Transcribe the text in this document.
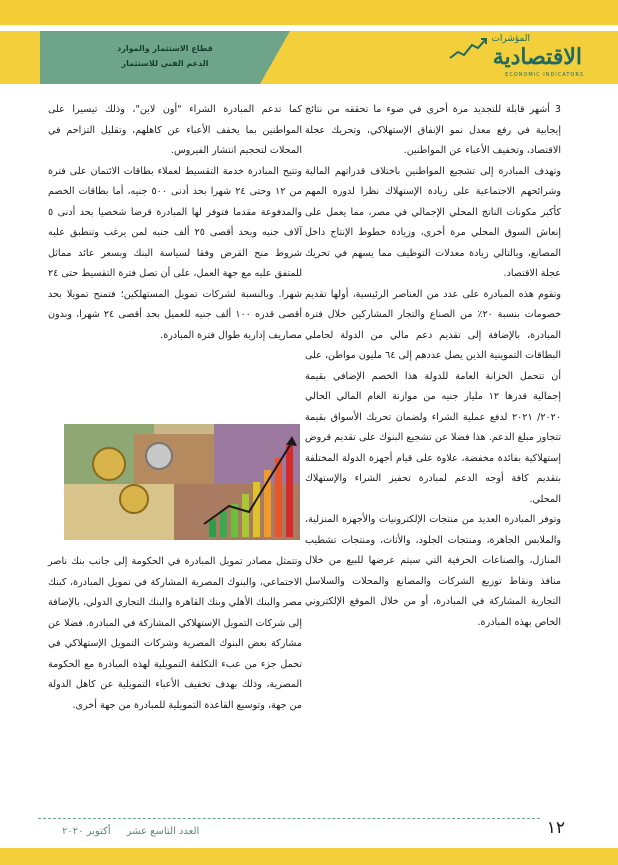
قطاع الاستثمار والموارد
الدعم الفني للاستثمار
المؤشرات
الاقتصادية
ECONOMIC INDICATORS

3 أشهر قابلة للتجديد مرة أخرى في ضوء ما تحققه من نتائج إيجابية في رفع معدل نمو الإنفاق الإستهلاكي، وتحريك عجلة الاقتصاد، وتخفيف الأعباء عن المواطنين.

وتهدف المبادرة إلى تشجيع المواطنين باختلاف قدراتهم المالية وشرائحهم الاجتماعية على زيادة الإستهلاك نظرا لدوره المهم كأكبر مكونات الناتج المحلي الإجمالي في مصر، مما يعمل على إنعاش السوق المحلي مرة أخرى، وزيادة خطوط الإنتاج داخل المصانع، وبالتالي زيادة معدلات التوظيف مما يسهم في تحريك عجلة الاقتصاد.

وتقوم هذه المبادرة على عدد من العناصر الرئيسية، أولها تقديم خصومات بنسبة ٢٠٪ من الصناع والتجار المشاركين خلال فترة المبادرة، بالإضافة إلى تقديم دعم مالي من الدولة لحاملي البطاقات التموينية الذين يصل عددهم إلى ٦٤ مليون مواطن، على أن تتحمل الخزانة العامة للدولة هذا الخصم الإضافي بقيمة إجمالية قدرها ١٢ مليار جنيه من موازنة العام المالي الحالي ٢٠٢٠/ ٢٠٢١ لدفع عملية الشراء ولضمان تحريك الأسواق بقيمة تتجاوز مبلغ الدعم. هذا فضلا عن تشجيع البنوك على تقديم قروض إستهلاكية بفائدة مخفضة، علاوة على قيام أجهزة الدولة المختلفة بتقديم كافة أوجه الدعم لمبادرة تحفيز الشراء والإستهلاك المحلي.

وتوفر المبادرة العديد من منتجات الإلكترونيات والأجهزة المنزلية، والملابس الجاهزة، ومنتجات الجلود، والأثاث، ومنتجات تشطيب المنازل، والصناعات الحرفية التي سيتم عرضها للبيع من خلال منافذ ونقاط توزيع الشركات والمصانع والمحلات والسلاسل التجارية المشاركة في المبادرة، أو من خلال الموقع الإلكتروني الخاص بهذه المبادرة.

كما تدعم المبادرة الشراء "أون لاين"، وذلك تيسيرا على المواطنين بما يخفف الأعباء عن كاهلهم، وتقليل التزاحم في المحلات لتحجيم انتشار الفيروس.

وتتيح المبادرة خدمة التقسيط لعملاء بطاقات الائتمان على فترة من ١٢ وحتى ٢٤ شهرا بحد أدنى ٥٠٠ جنيه، أما بطاقات الخصم والمدفوعة مقدما فتوفر لها المبادرة قرضا شخصيا بحد أدنى ٥ آلاف جنيه وبحد أقصى ٢٥ ألف جنيه لمن يرغب وتنطبق عليه شروط منح القرض وفقا لسياسة البنك وبسعر عائد مماثل للمتفق عليه مع جهة العمل، على أن تصل فترة التقسيط حتى ٢٤ شهرا. وبالنسبة لشركات تمويل المستهلكين؛ فتمنح تمويلا بحد أقصى قدره ١٠٠ ألف جنيه للعميل بحد أقصى ٢٤ شهرا، وبدون مصاريف إدارية طوال فترة المبادرة.

وتتمثل مصادر تمويل المبادرة في الحكومة إلى جانب بنك ناصر الاجتماعي، والبنوك المصرية المشاركة في تمويل المبادرة، كبنك مصر والبنك الأهلي وبنك القاهرة والبنك التجاري الدولي، بالإضافة إلى شركات التمويل الإستهلاكي المشاركة في المبادرة. فضلا عن مشاركة بعض البنوك المصرية وشركات التمويل الإستهلاكي في تحمل جزء من عبء التكلفة التمويلية لهذه المبادرة مع الحكومة المصرية، وذلك بهدف تخفيف الأعباء التمويلية عن كاهل الدولة من جهة، وتوسيع القاعدة التمويلية للمبادرة من جهة أخرى.

١٢
العدد التاسع عشر     أكتوبر ٢٠٢٠
